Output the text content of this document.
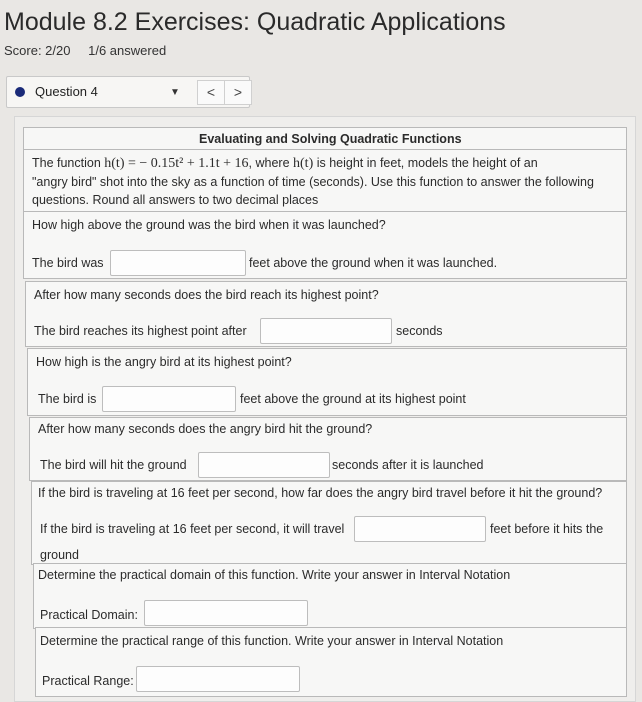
Module 8.2 Exercises: Quadratic Applications
Score: 2/20 1/6 answered
Question 4	▼	<	>
Evaluating and Solving Quadratic Functions
The function h(t) = − 0.15t² + 1.1t + 16, where h(t) is height in feet, models the height of an
"angry bird" shot into the sky as a function of time (seconds). Use this function to answer the following
questions. Round all answers to two decimal places
How high above the ground was the bird when it was launched?
The bird was	feet above the ground when it was launched.
After how many seconds does the bird reach its highest point?
The bird reaches its highest point after	seconds
How high is the angry bird at its highest point?
The bird is	feet above the ground at its highest point
After how many seconds does the angry bird hit the ground?
The bird will hit the ground	seconds after it is launched
If the bird is traveling at 16 feet per second, how far does the angry bird travel before it hit the ground?
If the bird is traveling at 16 feet per second, it will travel	feet before it hits the
ground
Determine the practical domain of this function. Write your answer in Interval Notation
Practical Domain:
Determine the practical range of this function. Write your answer in Interval Notation
Practical Range:
